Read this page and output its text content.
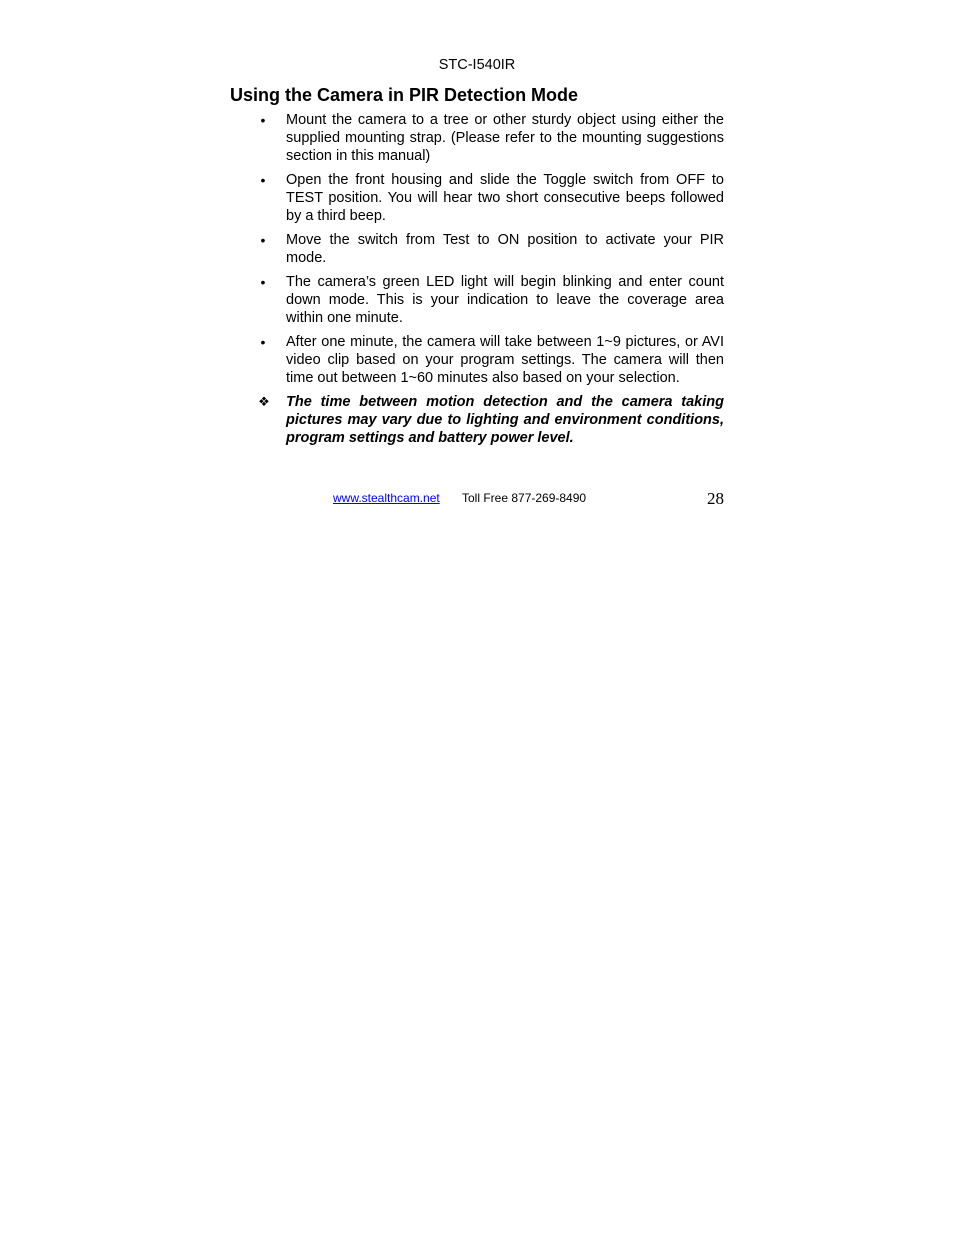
STC-I540IR
Using the Camera in PIR Detection Mode
•	Mount the camera to a tree or other sturdy object using either the supplied mounting strap. (Please refer to the mounting suggestions section in this manual)
•	Open the front housing and slide the Toggle switch from OFF to TEST position. You will hear two short consecutive beeps followed by a third beep.
•	Move the switch from Test to ON position to activate your PIR mode.
•	The camera’s green LED light will begin blinking and enter count down mode. This is your indication to leave the coverage area within one minute.
•	After one minute, the camera will take between 1~9 pictures, or AVI video clip based on your program settings. The camera will then time out between 1~60 minutes also based on your selection.
❖ The time between motion detection and the camera taking pictures may vary due to lighting and environment conditions, program settings and battery power level.
www.stealthcam.net Toll Free 877-269-8490	28
